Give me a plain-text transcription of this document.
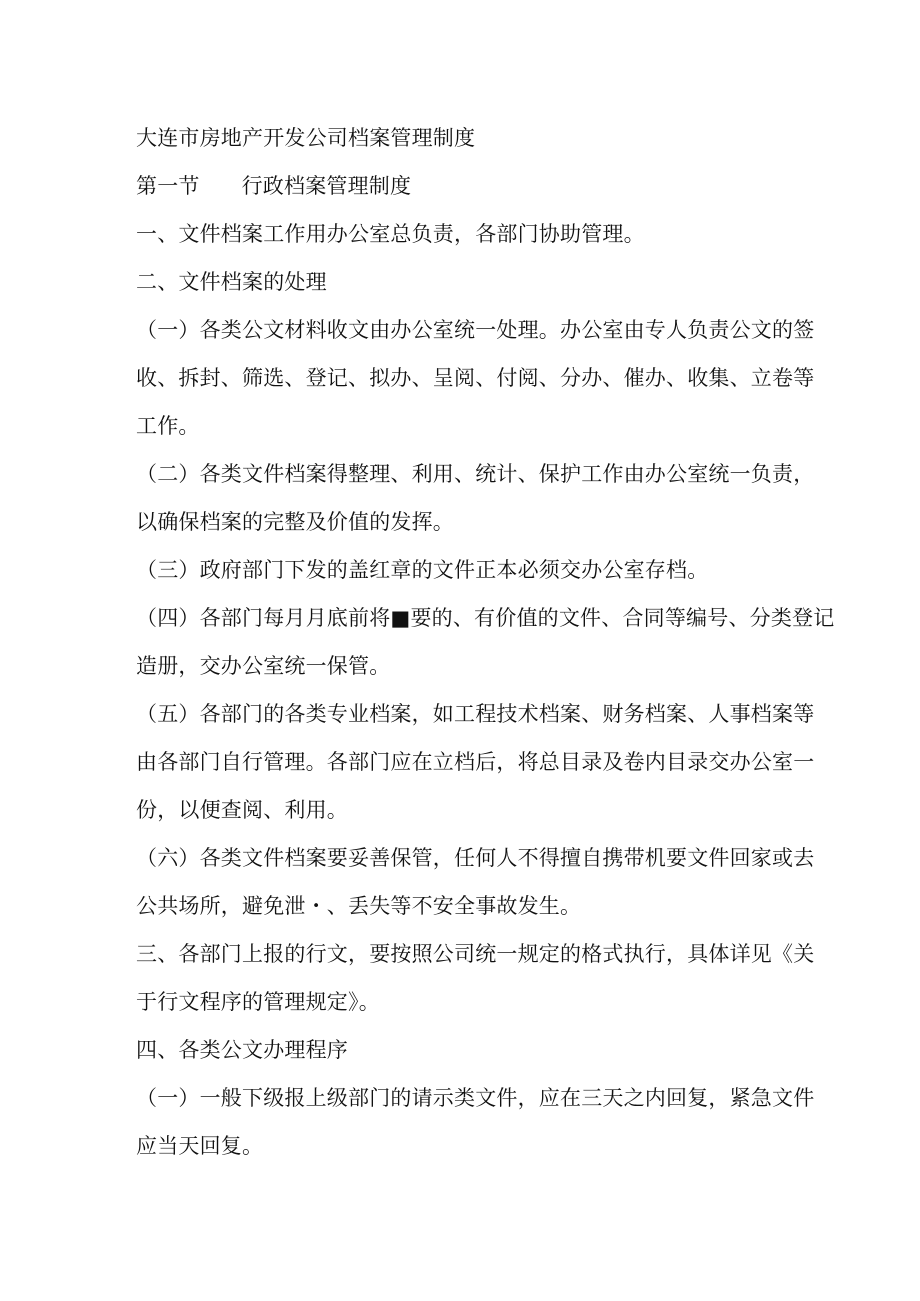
大连市房地产开发公司档案管理制度

第一节 行政档案管理制度

一、文件档案工作用办公室总负责，各部门协助管理。

二、文件档案的处理

（一）各类公文材料收文由办公室统一处理。办公室由专人负责公文的签

收、拆封、筛选、登记、拟办、呈阅、付阅、分办、催办、收集、立卷等

工作。

（二）各类文件档案得整理、利用、统计、保护工作由办公室统一负责，

以确保档案的完整及价值的发挥。

（三）政府部门下发的盖红章的文件正本必须交办公室存档。

（四）各部门每月月底前将■要的、有价值的文件、合同等编号、分类登记

造册，交办公室统一保管。

（五）各部门的各类专业档案，如工程技术档案、财务档案、人事档案等

由各部门自行管理。各部门应在立档后，将总目录及卷内目录交办公室一

份，以便查阅、利用。

（六）各类文件档案要妥善保管，任何人不得擅自携带机要文件回家或去

公共场所，避免泄・、丢失等不安全事故发生。

三、各部门上报的行文，要按照公司统一规定的格式执行，具体详见《关

于行文程序的管理规定》。

四、各类公文办理程序

（一）一般下级报上级部门的请示类文件，应在三天之内回复，紧急文件

应当天回复。
